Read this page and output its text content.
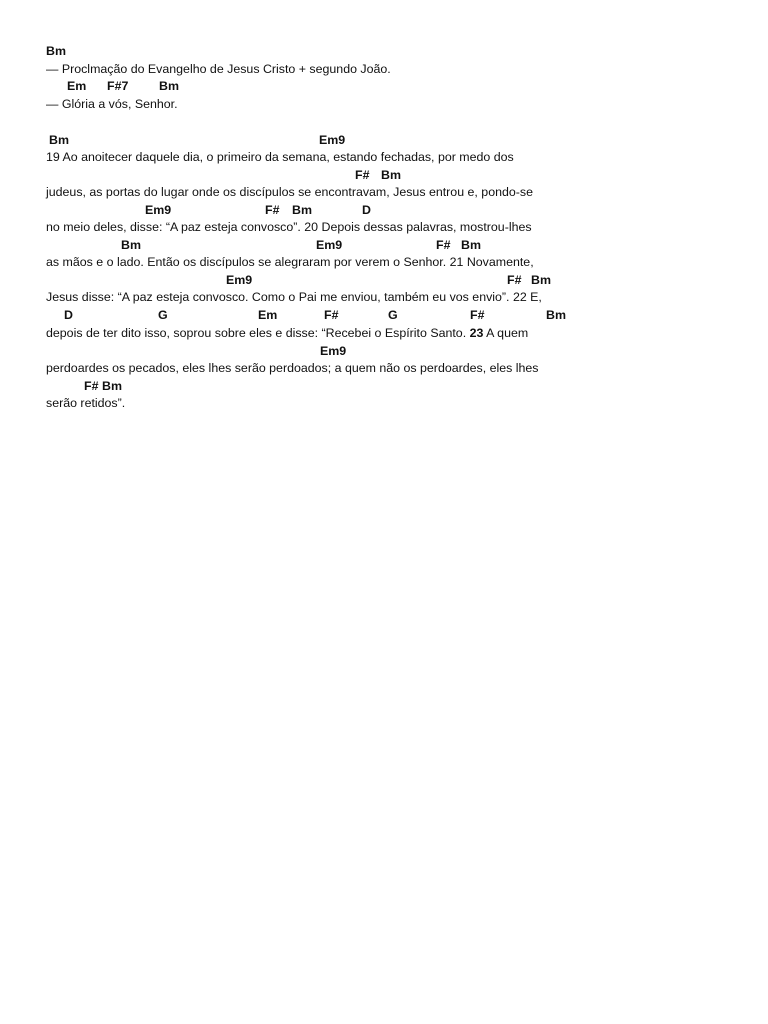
Bm
— Proclmação do Evangelho de Jesus Cristo + segundo João.
Em F#7 Bm
— Glória a vós, Senhor.
Bm	Em9
19 Ao anoitecer daquele dia, o primeiro da semana, estando fechadas, por medo dos
F# Bm
judeus, as portas do lugar onde os discípulos se encontravam, Jesus entrou e, pondo-se
Em9	F# Bm	D
no meio deles, disse: “A paz esteja convosco”. 20 Depois dessas palavras, mostrou-lhes
Bm	Em9	F# Bm
as mãos e o lado. Então os discípulos se alegraram por verem o Senhor. 21 Novamente,
Em9	F# Bm
Jesus disse: “A paz esteja convosco. Como o Pai me enviou, também eu vos envio”. 22 E,
D	G	Em	F#	G	F#	Bm
depois de ter dito isso, soprou sobre eles e disse: “Recebei o Espírito Santo. 23 A quem
Em9
perdoardes os pecados, eles lhes serão perdoados; a quem não os perdoardes, eles lhes
F# Bm
serão retidos”.
